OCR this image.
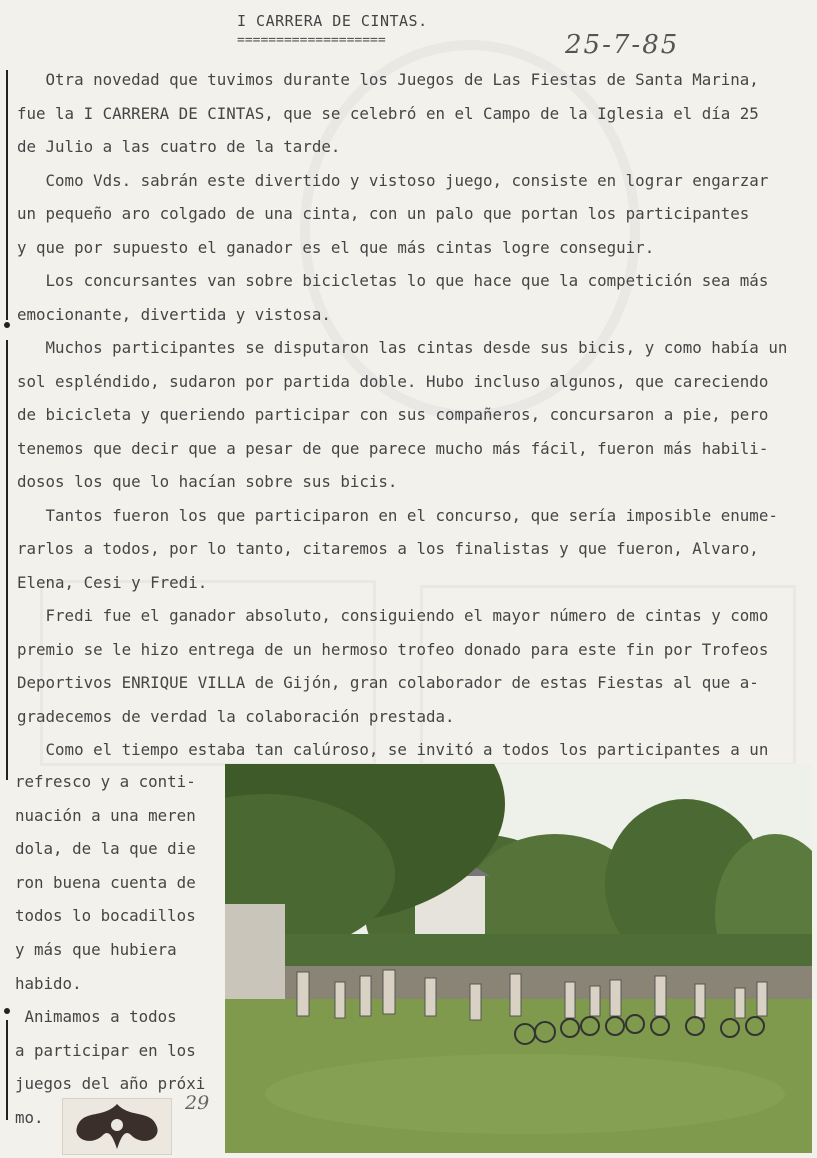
I CARRERA DE CINTAS.
===================	25-7-85
Otra novedad que tuvimos durante los Juegos de Las Fiestas de Santa Marina,
fue la I CARRERA DE CINTAS, que se celebró en el Campo de la Iglesia el día 25
de Julio a las cuatro de la tarde.
Como Vds. sabrán este divertido y vistoso juego, consiste en lograr engarzar
un pequeño aro colgado de una cinta, con un palo que portan los participantes
y que por supuesto el ganador es el que más cintas logre conseguir.
Los concursantes van sobre bicicletas lo que hace que la competición sea más
emocionante, divertida y vistosa.
Muchos participantes se disputaron las cintas desde sus bicis, y como había un
sol espléndido, sudaron por partida doble. Hubo incluso algunos, que careciendo
de bicicleta y queriendo participar con sus compañeros, concursaron a pie, pero
tenemos que decir que a pesar de que parece mucho más fácil, fueron más habili-
dosos los que lo hacían sobre sus bicis.
Tantos fueron los que participaron en el concurso, que sería imposible enume-
rarlos a todos, por lo tanto, citaremos a los finalistas y que fueron, Alvaro,
Elena, Cesi y Fredi.
Fredi fue el ganador absoluto, consiguiendo el mayor número de cintas y como
premio se le hizo entrega de un hermoso trofeo donado para este fin por Trofeos
Deportivos ENRIQUE VILLA de Gijón, gran colaborador de estas Fiestas al que a-
gradecemos de verdad la colaboración prestada.
Como el tiempo estaba tan calúroso, se invitó a todos los participantes a un
refresco y a conti-
nuación a una meren
dola, de la que die
ron buena cuenta de
todos lo bocadillos
y más que hubiera
habido.
Animamos a todos
a participar en los
juegos del año próxi
mo.
29
